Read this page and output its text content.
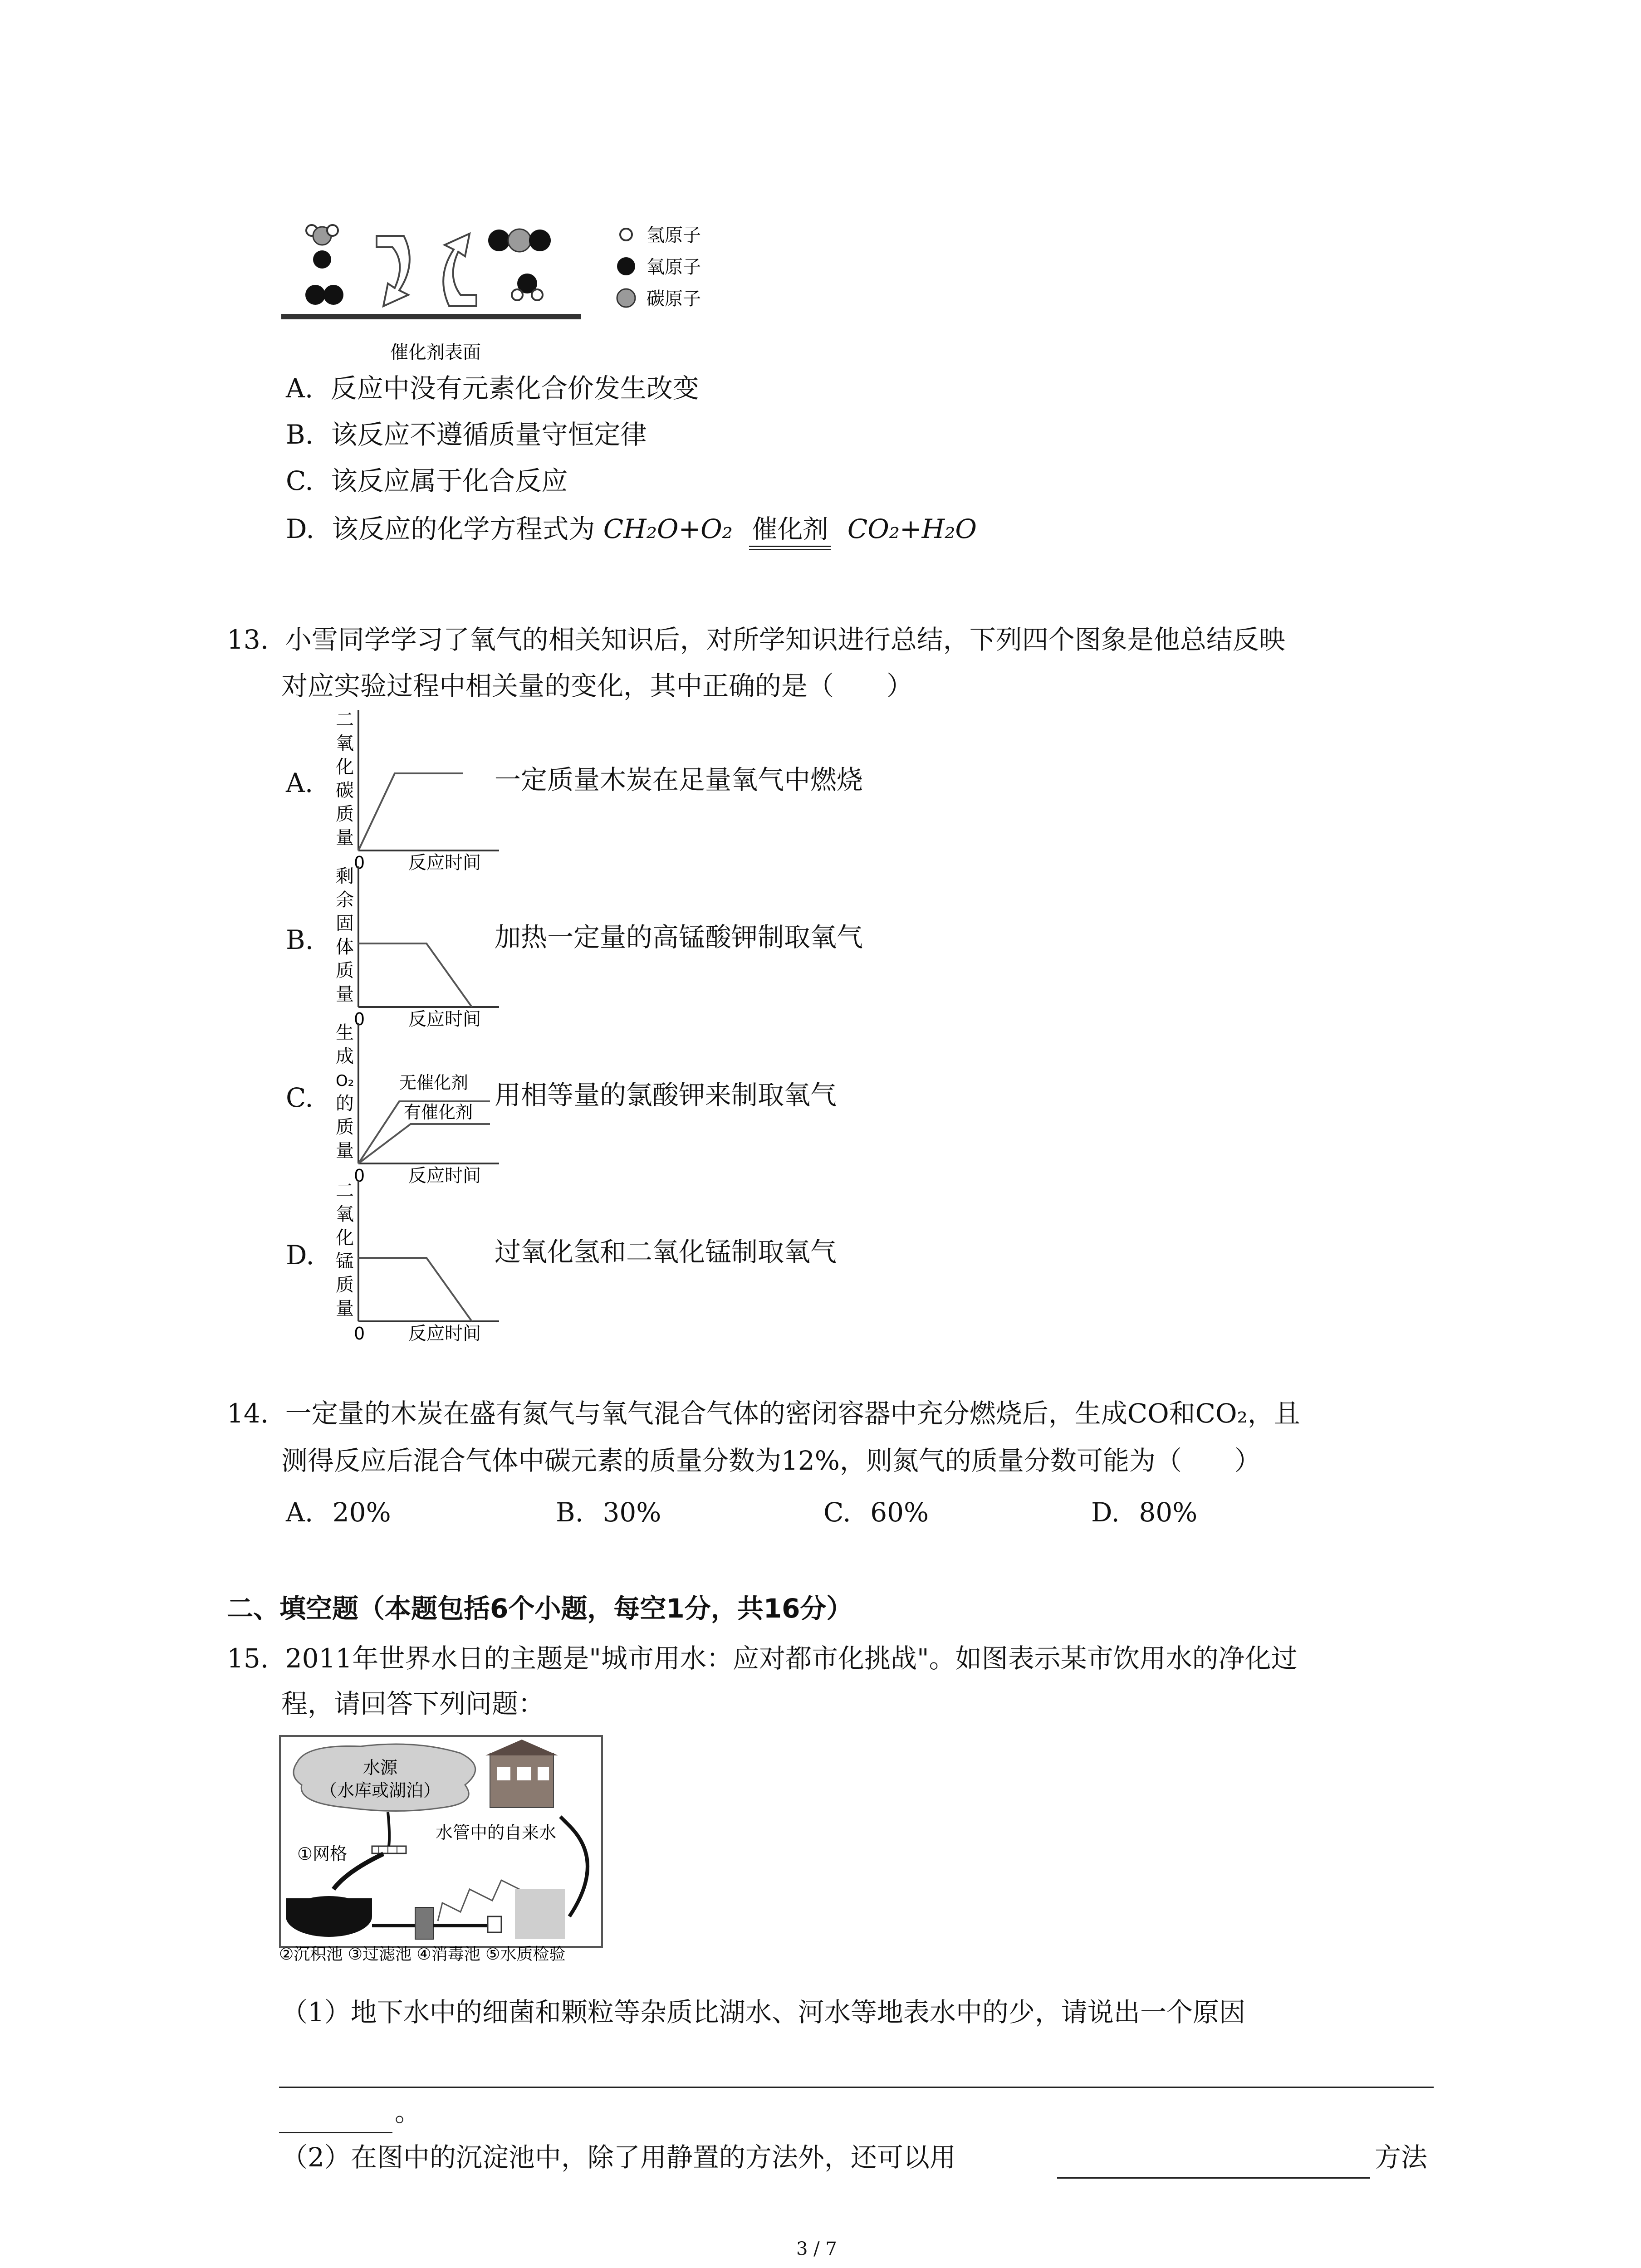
氢原子
氧原子
碳原子
催化剂表面
A. 反应中没有元素化合价发生改变
B. 该反应不遵循质量守恒定律
C. 该反应属于化合反应
D. 该反应的化学方程式为 CH₂O+O₂ 催化剂 CO₂+H₂O
13. 小雪同学学习了氧气的相关知识后，对所学知识进行总结，下列四个图象是他总结反映
对应实验过程中相关量的变化，其中正确的是（　　）
A.
二
氧
化
碳
质
量
0 反应时间
一定质量木炭在足量氧气中燃烧
B.
剩
余
固
体
质
量
0 反应时间
加热一定量的高锰酸钾制取氧气
C.	无催化剂
有催化剂
生
成
O₂
的
质
量
0 反应时间
用相等量的氯酸钾来制取氧气
D.
二
氧
化
锰
质
量
0 反应时间
过氧化氢和二氧化锰制取氧气
14. 一定量的木炭在盛有氮气与氧气混合气体的密闭容器中充分燃烧后，生成CO和CO₂，且
测得反应后混合气体中碳元素的质量分数为12%，则氮气的质量分数可能为（　　）
A. 20%	B. 30%	C. 60%	D. 80%
二、填空题（本题包括6个小题，每空1分，共16分）
15. 2011年世界水日的主题是"城市用水：应对都市化挑战"。如图表示某市饮用水的净化过
程，请回答下列问题：
水源
（水库或湖泊）
水管中的自来水
①网格
②沉积池 ③过滤池 ④消毒池 ⑤水质检验
（1）地下水中的细菌和颗粒等杂质比湖水、河水等地表水中的少，请说出一个原因
。
（2）在图中的沉淀池中，除了用静置的方法外，还可以用	方法
3 / 7
